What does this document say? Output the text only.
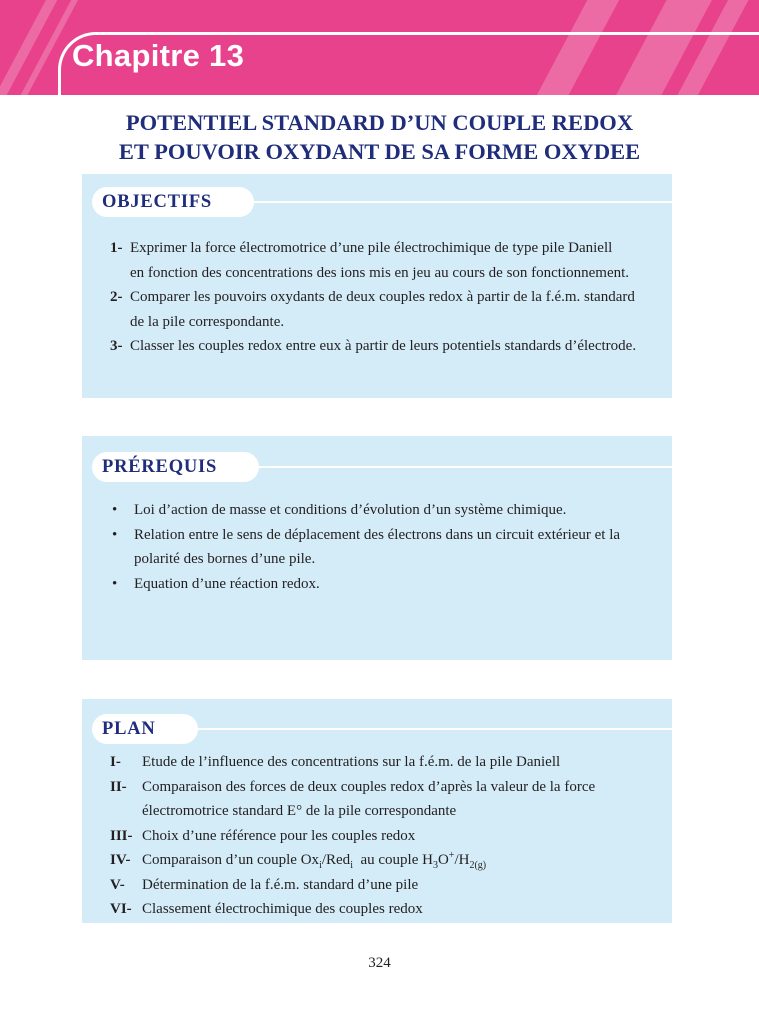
Chapitre 13
POTENTIEL STANDARD D’UN COUPLE REDOX
ET POUVOIR OXYDANT DE SA FORME OXYDEE
OBJECTIFS
1- Exprimer la force électromotrice d’une pile électrochimique de type pile Daniell
en fonction des concentrations des ions mis en jeu au cours de son fonctionnement.
2- Comparer les pouvoirs oxydants de deux couples redox à partir de la f.é.m. standard
de la pile correspondante.
3- Classer les couples redox entre eux à partir de leurs potentiels standards d’électrode.
PRÉREQUIS
•	Loi d’action de masse et conditions d’évolution d’un système chimique.
•	Relation entre le sens de déplacement des électrons dans un circuit extérieur et la
polarité des bornes d’une pile.
•	Equation d’une réaction redox.
PLAN
I-	Etude de l’influence des concentrations sur la f.é.m. de la pile Daniell
II-	Comparaison des forces de deux couples redox d’après la valeur de la force
électromotrice standard E° de la pile correspondante
III- Choix d’une référence pour les couples redox
IV- Comparaison d’un couple $Ox_i/Red_i$  au couple $H_3O^+/H_{2(g)}$
V-	Détermination de la f.é.m. standard d’une pile
VI- Classement électrochimique des couples redox
324
